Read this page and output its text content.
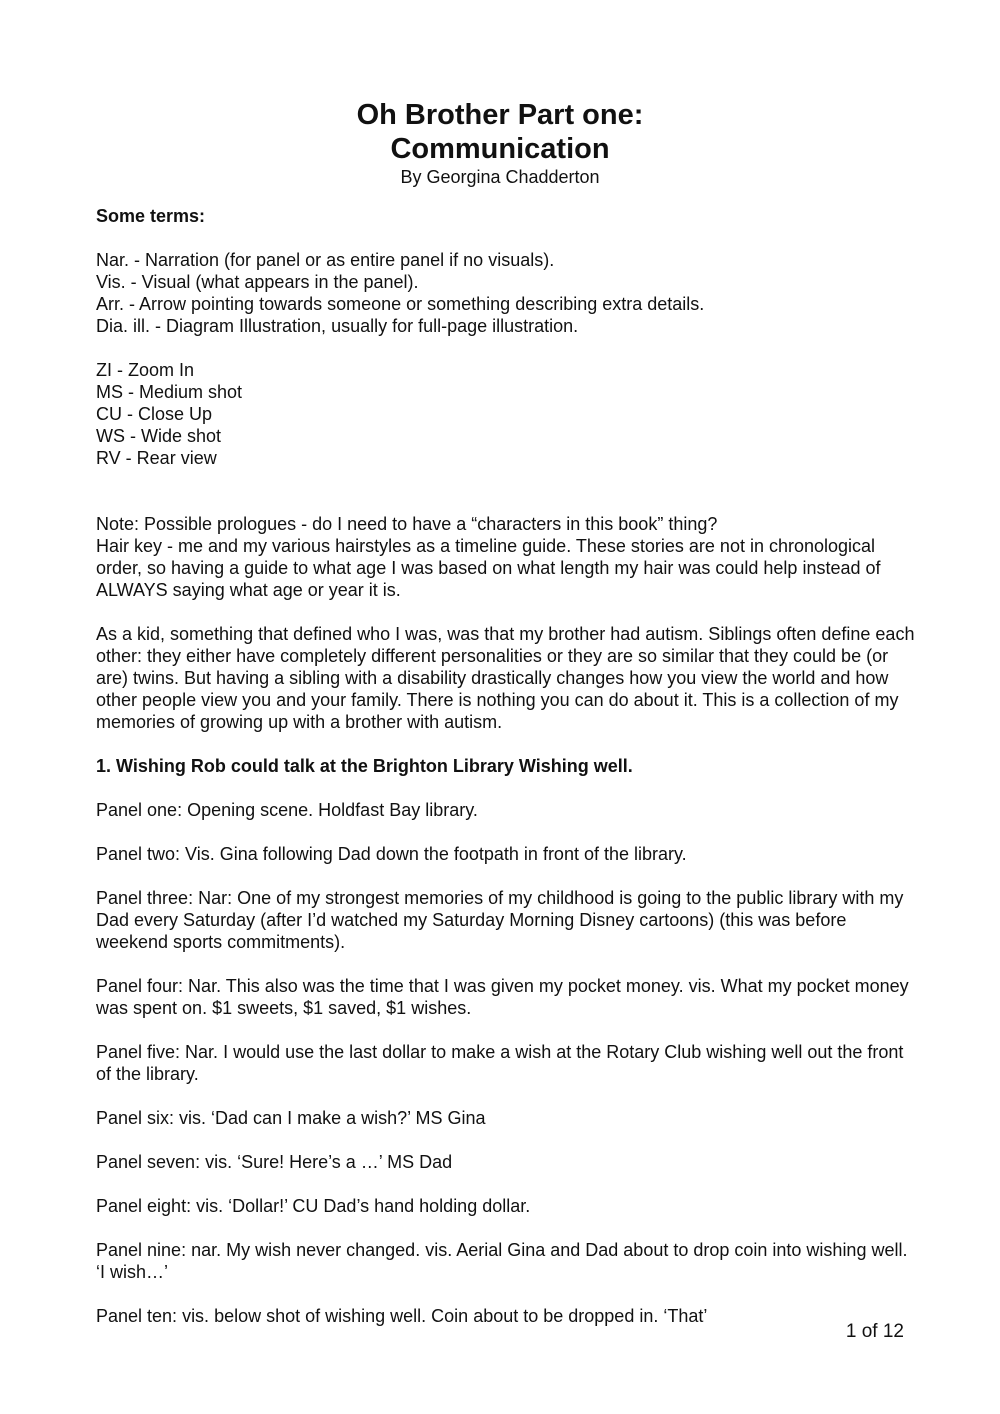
Oh Brother Part one:

Communication

By Georgina Chadderton

Some terms:

Nar. - Narration (for panel or as entire panel if no visuals).

Vis. - Visual (what appears in the panel).

Arr. - Arrow pointing towards someone or something describing extra details.

Dia. ill. - Diagram Illustration, usually for full-page illustration.

ZI - Zoom In

MS - Medium shot

CU - Close Up

WS - Wide shot

RV - Rear view

Note: Possible prologues - do I need to have a “characters in this book” thing?

Hair key - me and my various hairstyles as a timeline guide. These stories are not in chronological order, so having a guide to what age I was based on what length my hair was could help instead of ALWAYS saying what age or year it is.

As a kid, something that defined who I was, was that my brother had autism. Siblings often define each other: they either have completely different personalities or they are so similar that they could be (or are) twins. But having a sibling with a disability drastically changes how you view the world and how other people view you and your family. There is nothing you can do about it. This is a collection of my memories of growing up with a brother with autism.

1. Wishing Rob could talk at the Brighton Library Wishing well.

Panel one: Opening scene. Holdfast Bay library.

Panel two: Vis. Gina following Dad down the footpath in front of the library.

Panel three: Nar: One of my strongest memories of my childhood is going to the public library with my Dad every Saturday (after I’d watched my Saturday Morning Disney cartoons) (this was before weekend sports commitments).

Panel four: Nar. This also was the time that I was given my pocket money. vis. What my pocket money was spent on. $1 sweets, $1 saved, $1 wishes.

Panel five: Nar. I would use the last dollar to make a wish at the Rotary Club wishing well out the front of the library.

Panel six: vis. ‘Dad can I make a wish?’ MS Gina

Panel seven: vis. ‘Sure! Here’s a …’ MS Dad

Panel eight: vis. ‘Dollar!’ CU Dad’s hand holding dollar.

Panel nine: nar. My wish never changed. vis. Aerial Gina and Dad about to drop coin into wishing well. ‘I wish…’

Panel ten: vis. below shot of wishing well. Coin about to be dropped in. ‘That’

1 of 12
